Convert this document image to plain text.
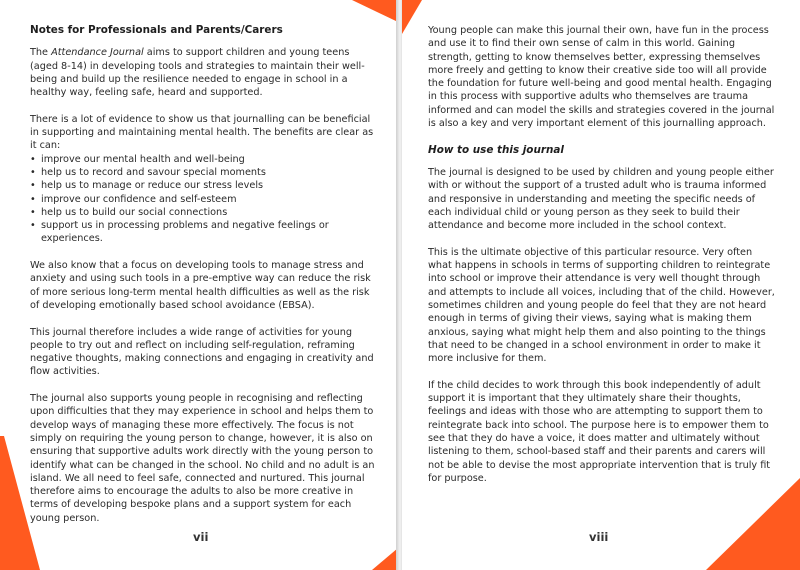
Notes for Professionals and Parents/Carers

The Attendance Journal aims to support children and young teens (aged 8-14) in developing tools and strategies to maintain their well-being and build up the resilience needed to engage in school in a healthy way, feeling safe, heard and supported.

There is a lot of evidence to show us that journalling can be beneficial in supporting and maintaining mental health. The benefits are clear as it can:
• improve our mental health and well-being
• help us to record and savour special moments
• help us to manage or reduce our stress levels
• improve our confidence and self-esteem
• help us to build our social connections
• support us in processing problems and negative feelings or experiences.

We also know that a focus on developing tools to manage stress and anxiety and using such tools in a pre-emptive way can reduce the risk of more serious long-term mental health difficulties as well as the risk of developing emotionally based school avoidance (EBSA).

This journal therefore includes a wide range of activities for young people to try out and reflect on including self-regulation, reframing negative thoughts, making connections and engaging in creativity and flow activities.

The journal also supports young people in recognising and reflecting upon difficulties that they may experience in school and helps them to develop ways of managing these more effectively. The focus is not simply on requiring the young person to change, however, it is also on ensuring that supportive adults work directly with the young person to identify what can be changed in the school. No child and no adult is an island. We all need to feel safe, connected and nurtured. This journal therefore aims to encourage the adults to also be more creative in terms of developing bespoke plans and a support system for each young person.

vii

Young people can make this journal their own, have fun in the process and use it to find their own sense of calm in this world. Gaining strength, getting to know themselves better, expressing themselves more freely and getting to know their creative side too will all provide the foundation for future well-being and good mental health. Engaging in this process with supportive adults who themselves are trauma informed and can model the skills and strategies covered in the journal is also a key and very important element of this journalling approach.

How to use this journal

The journal is designed to be used by children and young people either with or without the support of a trusted adult who is trauma informed and responsive in understanding and meeting the specific needs of each individual child or young person as they seek to build their attendance and become more included in the school context.

This is the ultimate objective of this particular resource. Very often what happens in schools in terms of supporting children to reintegrate into school or improve their attendance is very well thought through and attempts to include all voices, including that of the child. However, sometimes children and young people do feel that they are not heard enough in terms of giving their views, saying what is making them anxious, saying what might help them and also pointing to the things that need to be changed in a school environment in order to make it more inclusive for them.

If the child decides to work through this book independently of adult support it is important that they ultimately share their thoughts, feelings and ideas with those who are attempting to support them to reintegrate back into school. The purpose here is to empower them to see that they do have a voice, it does matter and ultimately without listening to them, school-based staff and their parents and carers will not be able to devise the most appropriate intervention that is truly fit for purpose.

viii
